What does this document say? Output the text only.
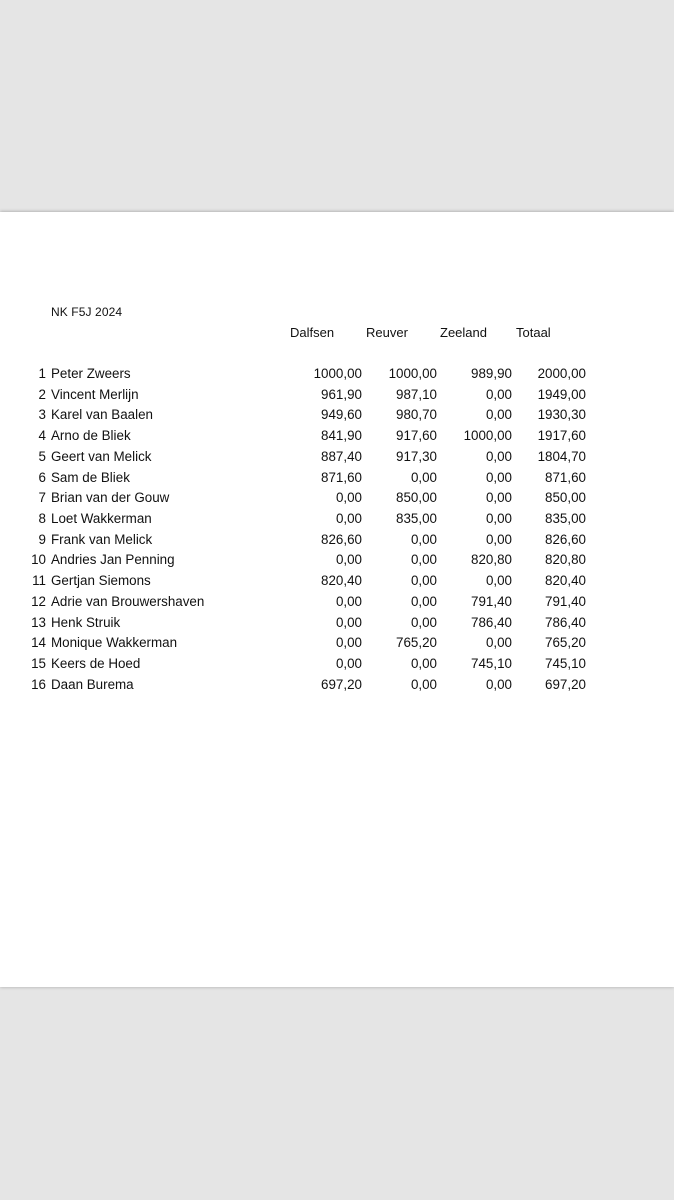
NK F5J 2024
Dalfsen Reuver Zeeland Totaal
1 Peter Zweers	1000,00	1000,00	989,90	2000,00
2 Vincent Merlijn	961,90	987,10	0,00	1949,00
3 Karel van Baalen	949,60	980,70	0,00	1930,30
4 Arno de Bliek	841,90	917,60	1000,00	1917,60
5 Geert van Melick	887,40	917,30	0,00	1804,70
6 Sam de Bliek	871,60	0,00	0,00	871,60
7 Brian van der Gouw	0,00	850,00	0,00	850,00
8 Loet Wakkerman	0,00	835,00	0,00	835,00
9 Frank van Melick	826,60	0,00	0,00	826,60
10 Andries Jan Penning	0,00	0,00	820,80	820,80
11 Gertjan Siemons	820,40	0,00	0,00	820,40
12 Adrie van Brouwershaven	0,00	0,00	791,40	791,40
13 Henk Struik	0,00	0,00	786,40	786,40
14 Monique Wakkerman	0,00	765,20	0,00	765,20
15 Keers de Hoed	0,00	0,00	745,10	745,10
16 Daan Burema	697,20	0,00	0,00	697,20
